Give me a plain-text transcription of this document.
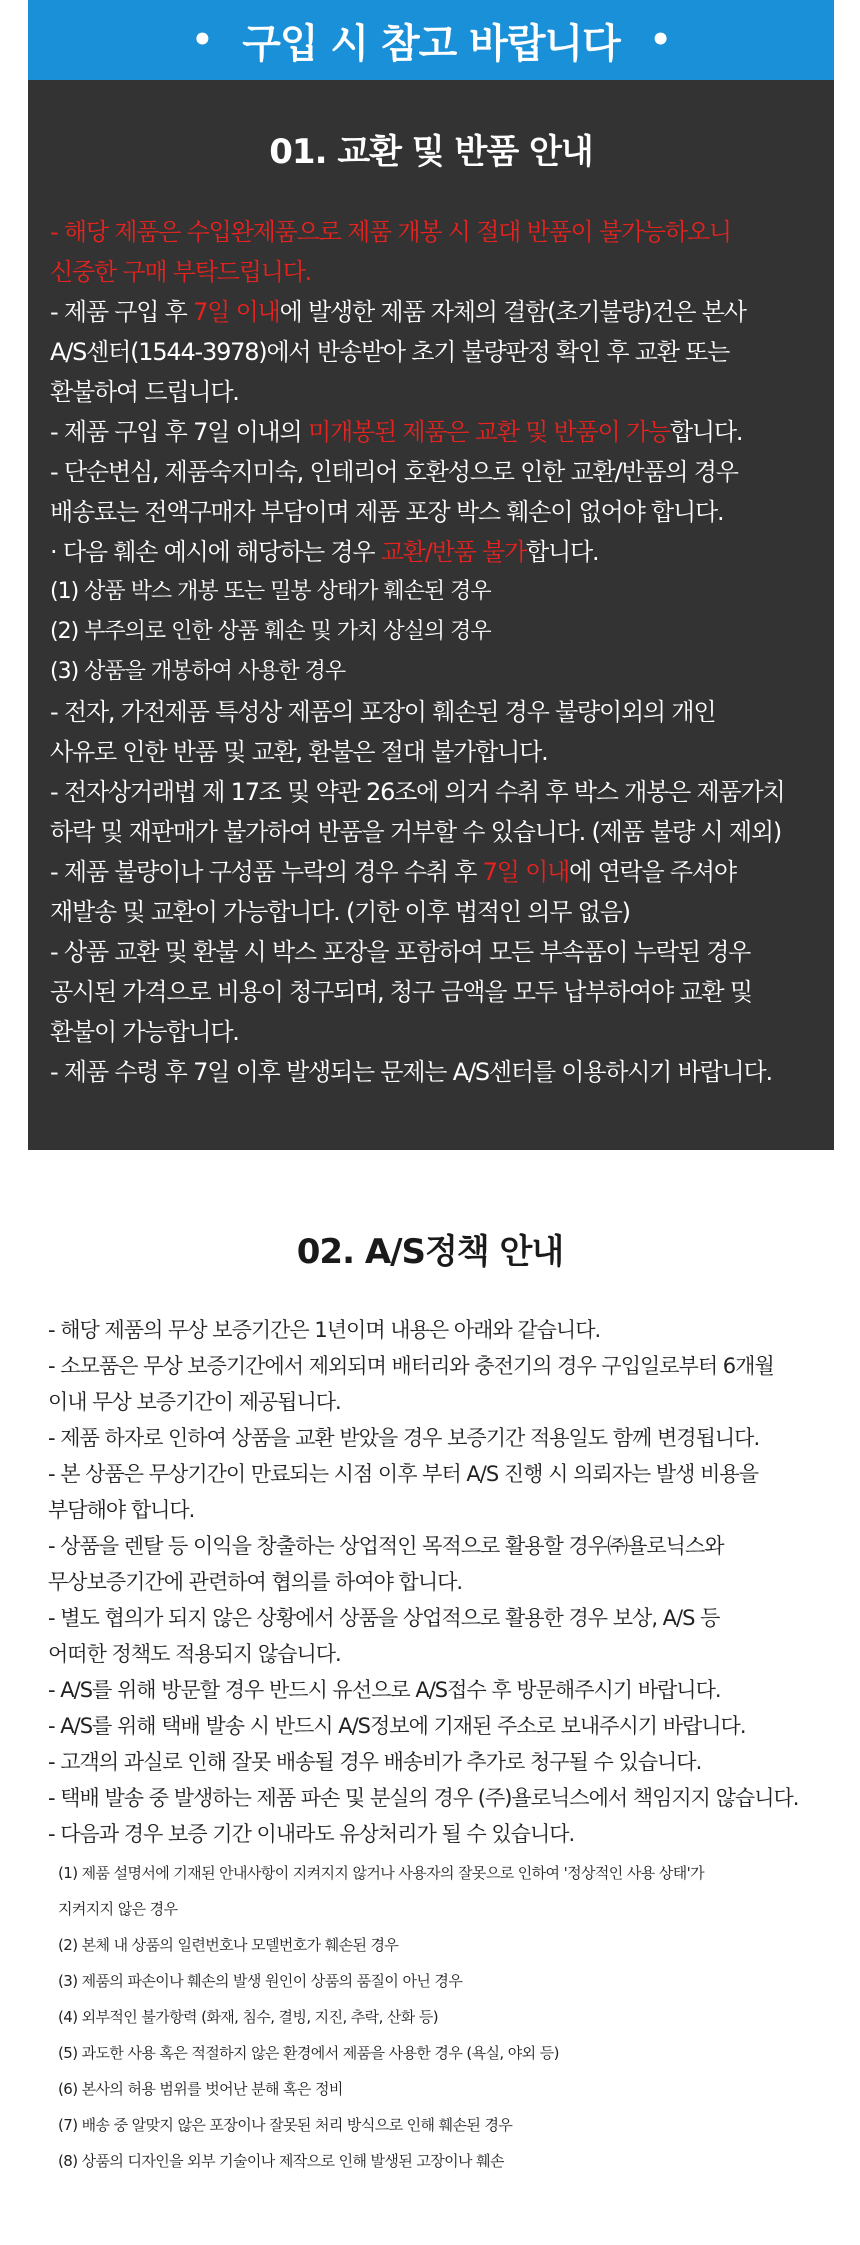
• 구입 시 참고 바랍니다 •
01. 교환 및 반품 안내
- 해당 제품은 수입완제품으로 제품 개봉 시 절대 반품이 불가능하오니
신중한 구매 부탁드립니다.
- 제품 구입 후 7일 이내에 발생한 제품 자체의 결함(초기불량)건은 본사
A/S센터(1544-3978)에서 반송받아 초기 불량판정 확인 후 교환 또는
환불하여 드립니다.
- 제품 구입 후 7일 이내의 미개봉된 제품은 교환 및 반품이 가능합니다.
- 단순변심, 제품숙지미숙, 인테리어 호환성으로 인한 교환/반품의 경우
배송료는 전액구매자 부담이며 제품 포장 박스 훼손이 없어야 합니다.
· 다음 훼손 예시에 해당하는 경우 교환/반품 불가합니다.
(1) 상품 박스 개봉 또는 밀봉 상태가 훼손된 경우
(2) 부주의로 인한 상품 훼손 및 가치 상실의 경우
(3) 상품을 개봉하여 사용한 경우
- 전자, 가전제품 특성상 제품의 포장이 훼손된 경우 불량이외의 개인
사유로 인한 반품 및 교환, 환불은 절대 불가합니다.
- 전자상거래법 제 17조 및 약관 26조에 의거 수취 후 박스 개봉은 제품가치
하락 및 재판매가 불가하여 반품을 거부할 수 있습니다. (제품 불량 시 제외)
- 제품 불량이나 구성품 누락의 경우 수취 후 7일 이내에 연락을 주셔야
재발송 및 교환이 가능합니다. (기한 이후 법적인 의무 없음)
- 상품 교환 및 환불 시 박스 포장을 포함하여 모든 부속품이 누락된 경우
공시된 가격으로 비용이 청구되며, 청구 금액을 모두 납부하여야 교환 및
환불이 가능합니다.
- 제품 수령 후 7일 이후 발생되는 문제는 A/S센터를 이용하시기 바랍니다.
02. A/S정책 안내
- 해당 제품의 무상 보증기간은 1년이며 내용은 아래와 같습니다.
- 소모품은 무상 보증기간에서 제외되며 배터리와 충전기의 경우 구입일로부터 6개월
이내 무상 보증기간이 제공됩니다.
- 제품 하자로 인하여 상품을 교환 받았을 경우 보증기간 적용일도 함께 변경됩니다.
- 본 상품은 무상기간이 만료되는 시점 이후 부터 A/S 진행 시 의뢰자는 발생 비용을
부담해야 합니다.
- 상품을 렌탈 등 이익을 창출하는 상업적인 목적으로 활용할 경우㈜욜로닉스와
무상보증기간에 관련하여 협의를 하여야 합니다.
- 별도 협의가 되지 않은 상황에서 상품을 상업적으로 활용한 경우 보상, A/S 등
어떠한 정책도 적용되지 않습니다.
- A/S를 위해 방문할 경우 반드시 유선으로 A/S접수 후 방문해주시기 바랍니다.
- A/S를 위해 택배 발송 시 반드시 A/S정보에 기재된 주소로 보내주시기 바랍니다.
- 고객의 과실로 인해 잘못 배송될 경우 배송비가 추가로 청구될 수 있습니다.
- 택배 발송 중 발생하는 제품 파손 및 분실의 경우 (주)욜로닉스에서 책임지지 않습니다.
- 다음과 경우 보증 기간 이내라도 유상처리가 될 수 있습니다.
(1) 제품 설명서에 기재된 안내사항이 지켜지지 않거나 사용자의 잘못으로 인하여 '정상적인 사용 상태'가
지켜지지 않은 경우
(2) 본체 내 상품의 일련번호나 모델번호가 훼손된 경우
(3) 제품의 파손이나 훼손의 발생 원인이 상품의 품질이 아닌 경우
(4) 외부적인 불가항력 (화재, 침수, 결빙, 지진, 추락, 산화 등)
(5) 과도한 사용 혹은 적절하지 않은 환경에서 제품을 사용한 경우 (욕실, 야외 등)
(6) 본사의 허용 범위를 벗어난 분해 혹은 정비
(7) 배송 중 알맞지 않은 포장이나 잘못된 처리 방식으로 인해 훼손된 경우
(8) 상품의 디자인을 외부 기술이나 제작으로 인해 발생된 고장이나 훼손
